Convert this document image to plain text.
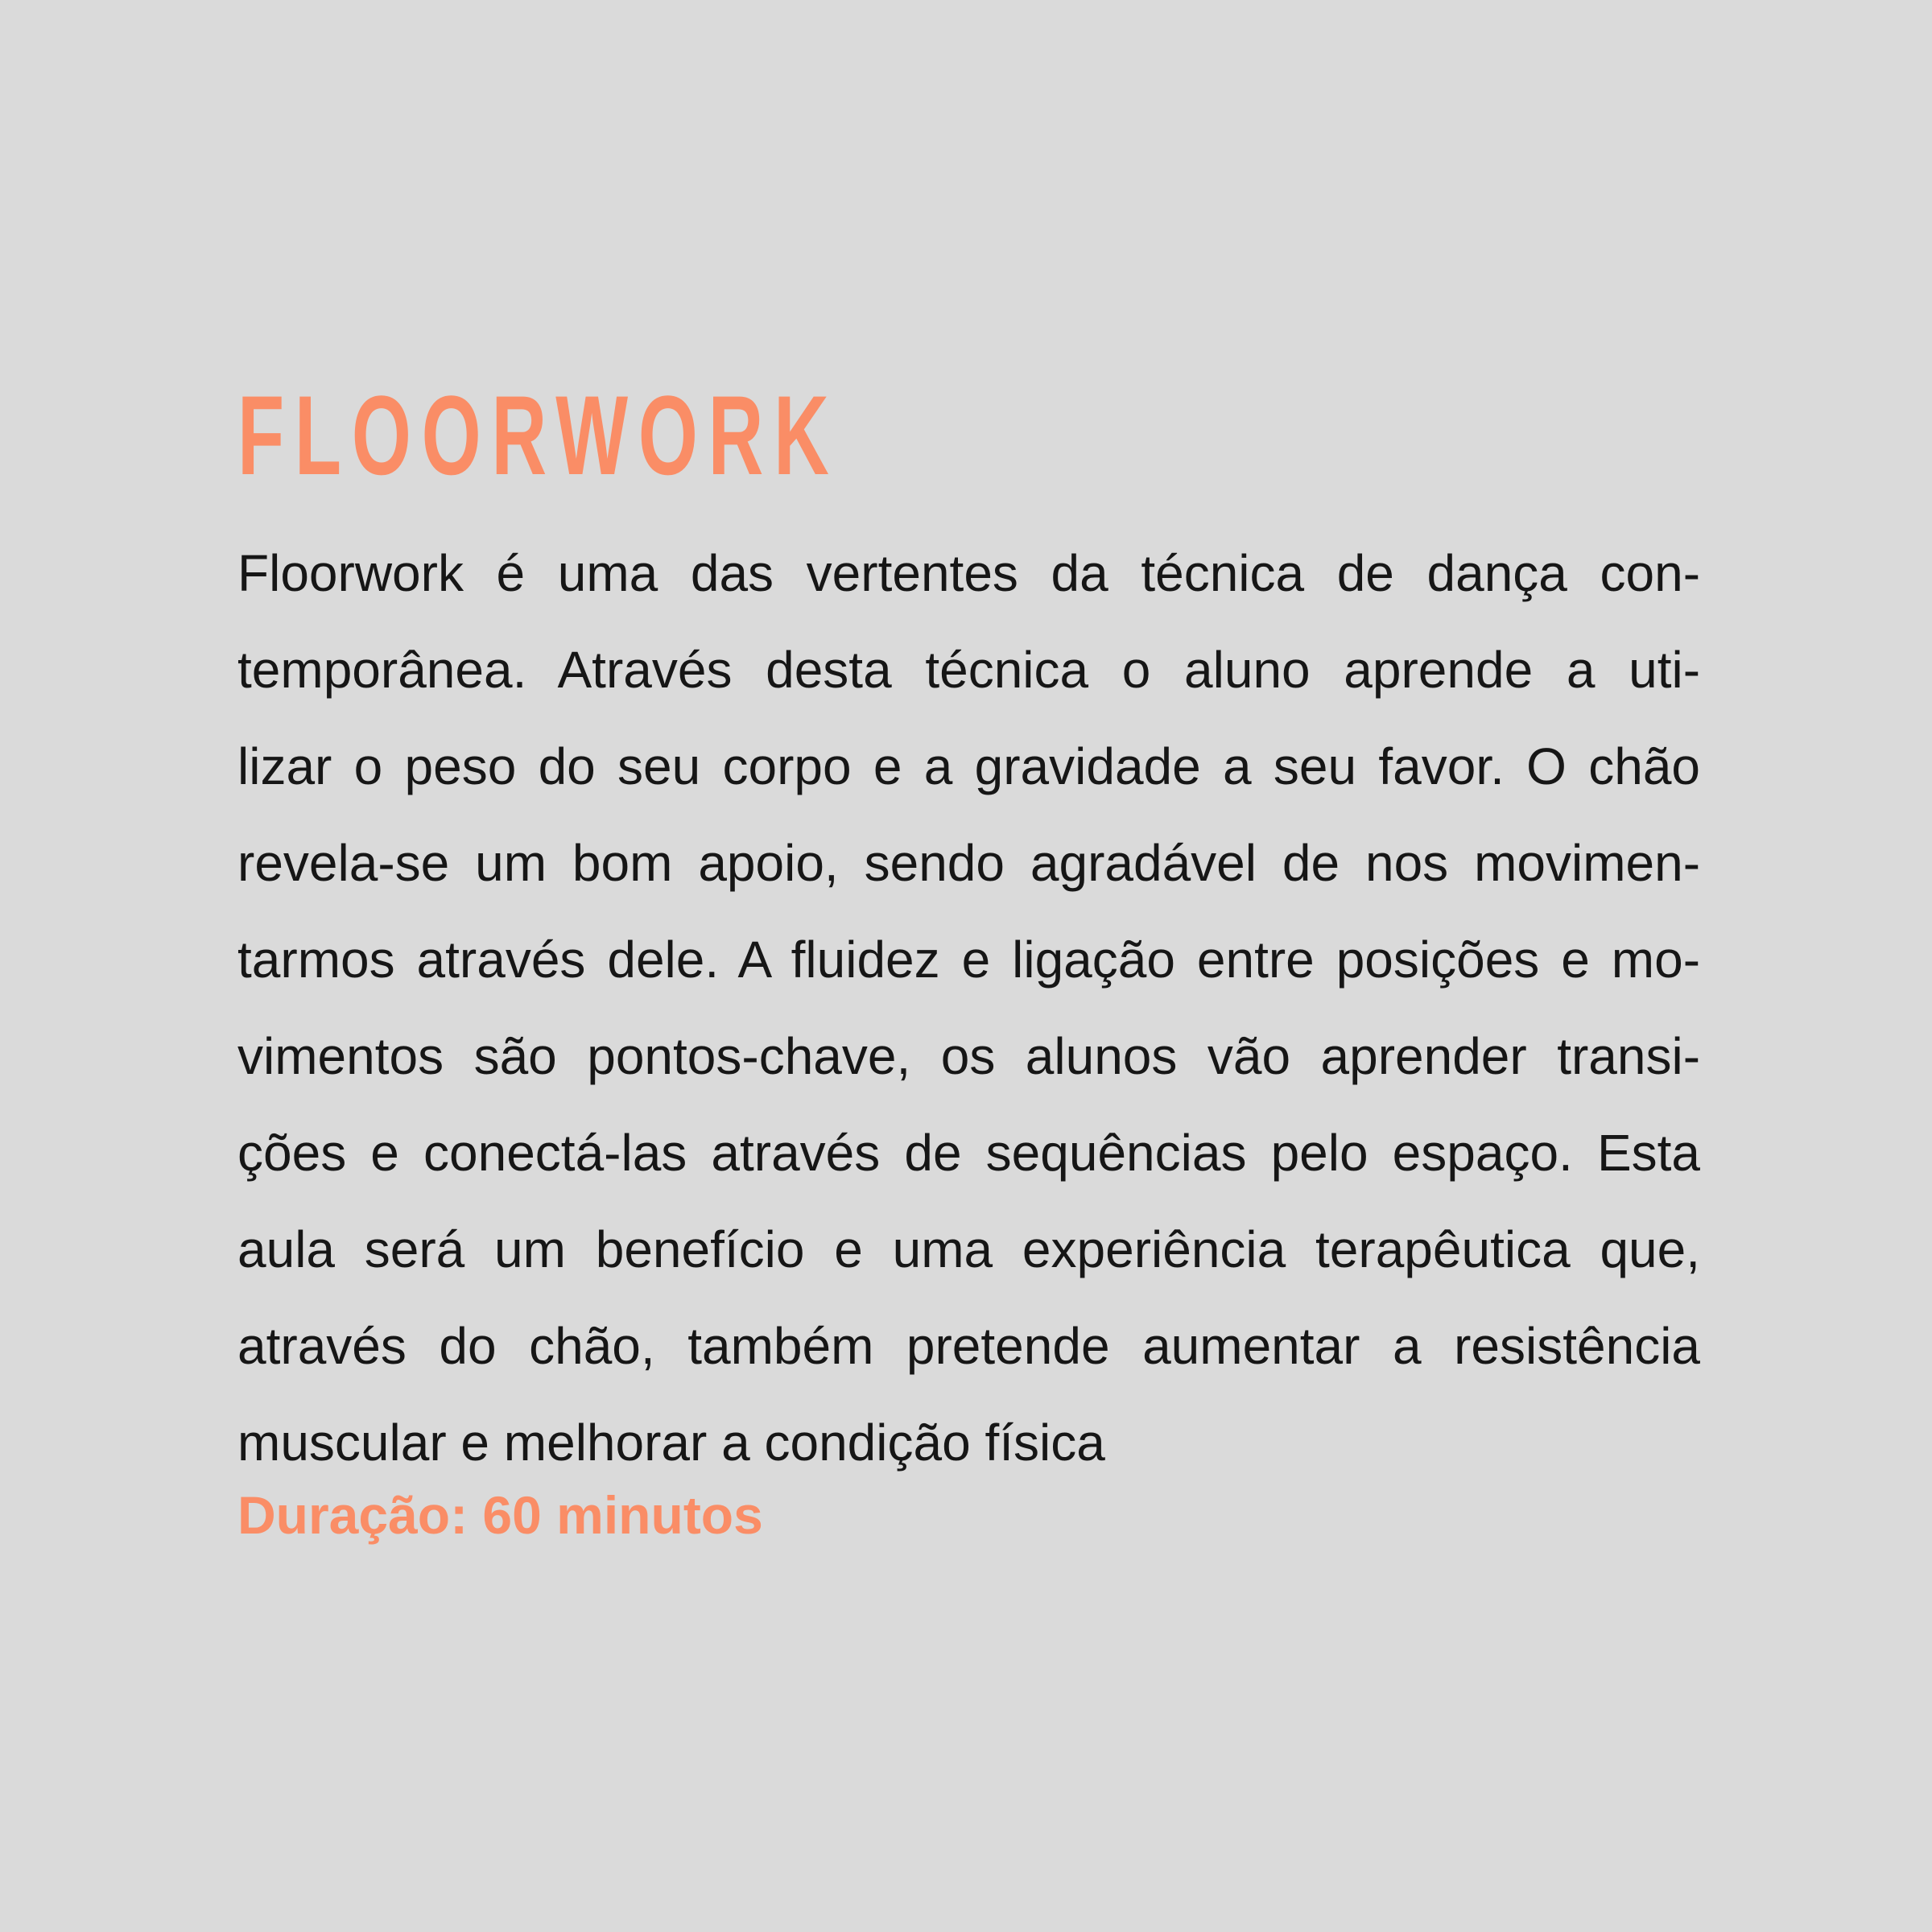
FLOORWORK
Floorwork é uma das vertentes da técnica de dança con-
temporânea. Através desta técnica o aluno aprende a uti-
lizar o peso do seu corpo e a gravidade a seu favor. O chão
revela-se um bom apoio, sendo agradável de nos movimen-
tarmos através dele. A fluidez e ligação entre posições e mo-
vimentos são pontos-chave, os alunos vão aprender transi-
ções e conectá-las através de sequências pelo espaço. Esta
aula será um benefício e uma experiência terapêutica que,
através do chão, também pretende aumentar a resistência
muscular e melhorar a condição física
Duração: 60 minutos
